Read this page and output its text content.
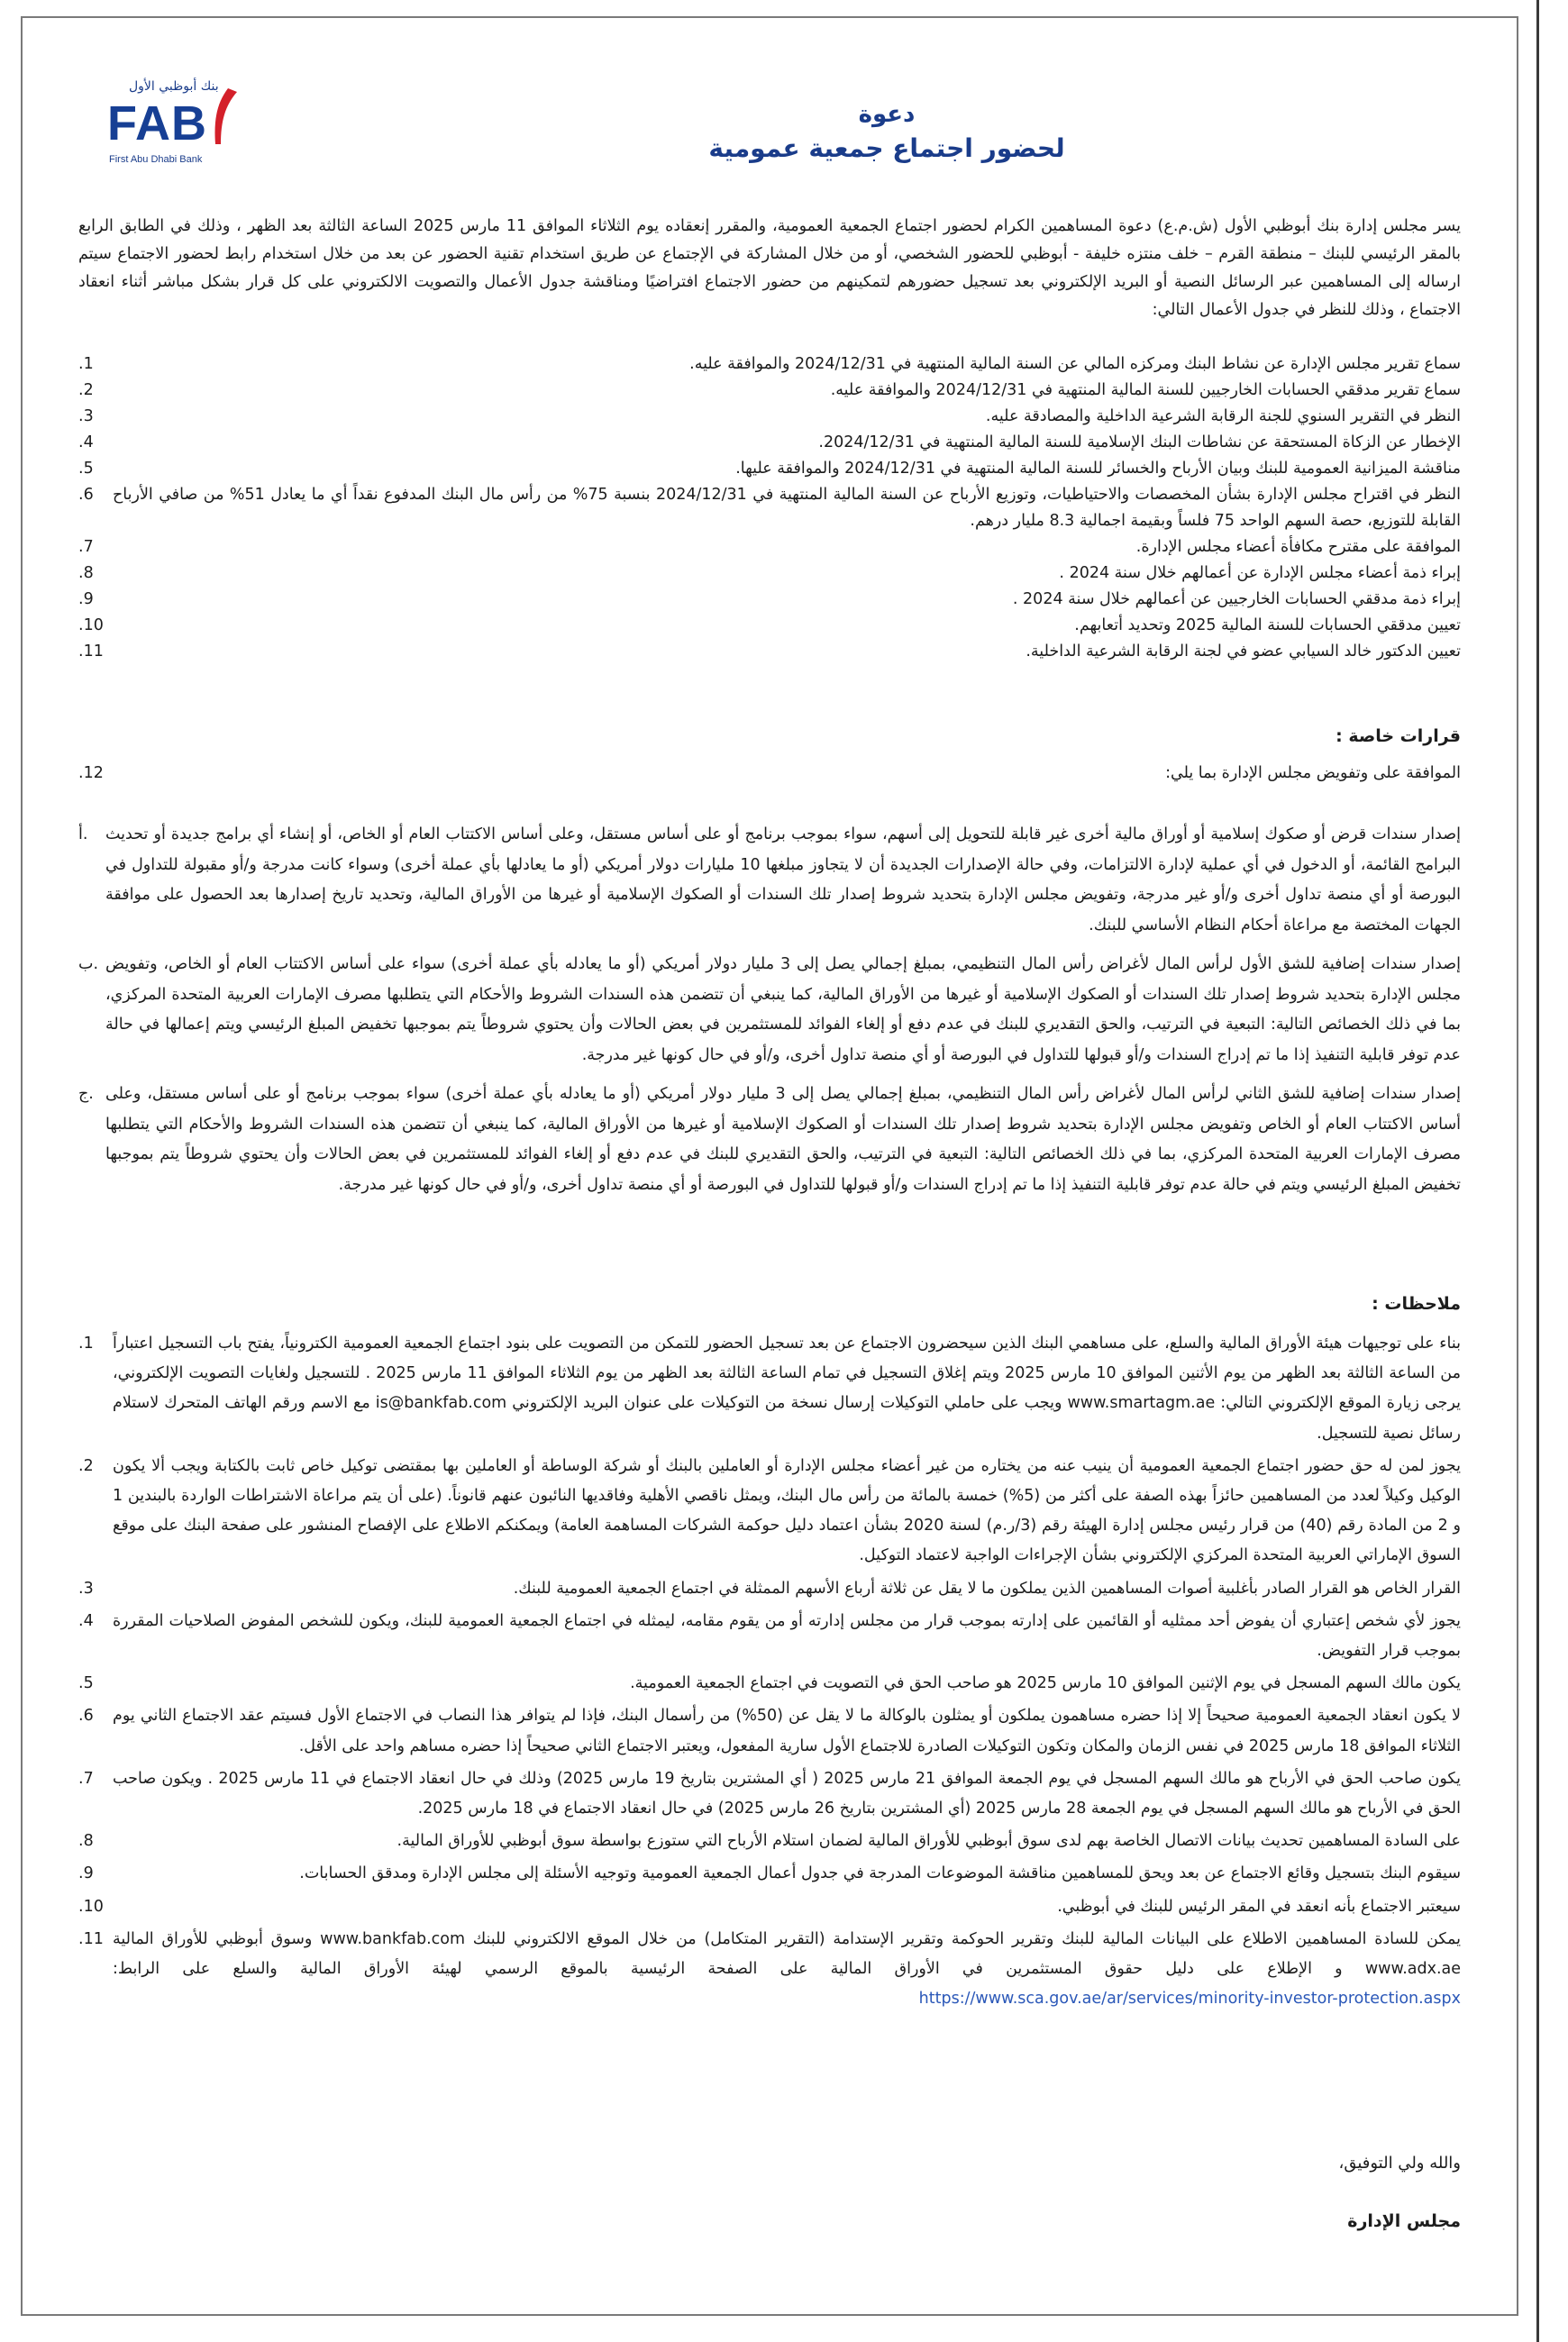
بنك أبوظبي الأول
FAB
First Abu Dhabi Bank
دعوة
لحضور اجتماع جمعية عمومية

يسر مجلس إدارة بنك أبوظبي الأول (ش.م.ع) دعوة المساهمين الكرام لحضور اجتماع الجمعية العمومية، والمقرر إنعقاده يوم الثلاثاء الموافق 11 مارس 2025 الساعة الثالثة بعد الظهر ، وذلك في الطابق الرابع بالمقر الرئيسي للبنك – منطقة القرم – خلف منتزه خليفة - أبوظبي للحضور الشخصي، أو من خلال المشاركة في الإجتماع عن طريق استخدام تقنية الحضور عن بعد من خلال استخدام رابط لحضور الاجتماع سيتم ارساله إلى المساهمين عبر الرسائل النصية أو البريد الإلكتروني بعد تسجيل حضورهم لتمكينهم من حضور الاجتماع افتراضيًا ومناقشة جدول الأعمال والتصويت الالكتروني على كل قرار بشكل مباشر أثناء انعقاد الاجتماع ، وذلك للنظر في جدول الأعمال التالي:

سماع تقرير مجلس الإدارة عن نشاط البنك ومركزه المالي عن السنة المالية المنتهية في 2024/12/31 والموافقة عليه.
.1
سماع تقرير مدققي الحسابات الخارجيين للسنة المالية المنتهية في 2024/12/31 والموافقة عليه.
.2
النظر في التقرير السنوي للجنة الرقابة الشرعية الداخلية والمصادقة عليه.
.3
الإخطار عن الزكاة المستحقة عن نشاطات البنك الإسلامية للسنة المالية المنتهية في 2024/12/31.
.4
مناقشة الميزانية العمومية للبنك وبيان الأرباح والخسائر للسنة المالية المنتهية في 2024/12/31 والموافقة عليها.
.5
النظر في اقتراح مجلس الإدارة بشأن المخصصات والاحتياطيات، وتوزيع الأرباح عن السنة المالية المنتهية في 2024/12/31 بنسبة 75% من رأس مال البنك المدفوع نقداً أي ما يعادل 51% من صافي الأرباح القابلة للتوزيع، حصة السهم الواحد 75 فلساً وبقيمة اجمالية 8.3 مليار درهم.
.6
الموافقة على مقترح مكافأة أعضاء مجلس الإدارة.
.7
إبراء ذمة أعضاء مجلس الإدارة عن أعمالهم خلال سنة 2024 .
.8
إبراء ذمة مدققي الحسابات الخارجيين عن أعمالهم خلال سنة 2024 .
.9
تعيين مدققي الحسابات للسنة المالية 2025 وتحديد أتعابهم.
.10
تعيين الدكتور خالد السيابي عضو في لجنة الرقابة الشرعية الداخلية.
.11
قرارات خاصة :
الموافقة على وتفويض مجلس الإدارة بما يلي:
.12
إصدار سندات قرض أو صكوك إسلامية أو أوراق مالية أخرى غير قابلة للتحويل إلى أسهم، سواء بموجب برنامج أو على أساس مستقل، وعلى أساس الاكتتاب العام أو الخاص، أو إنشاء أي برامج جديدة أو تحديث البرامج القائمة، أو الدخول في أي عملية لإدارة الالتزامات، وفي حالة الإصدارات الجديدة أن لا يتجاوز مبلغها 10 مليارات دولار أمريكي (أو ما يعادلها بأي عملة أخرى) وسواء كانت مدرجة و/أو مقبولة للتداول في البورصة أو أي منصة تداول أخرى و/أو غير مدرجة، وتفويض مجلس الإدارة بتحديد شروط إصدار تلك السندات أو الصكوك الإسلامية أو غيرها من الأوراق المالية، وتحديد تاريخ إصدارها بعد الحصول على موافقة الجهات المختصة مع مراعاة أحكام النظام الأساسي للبنك.
أ.
إصدار سندات إضافية للشق الأول لرأس المال لأغراض رأس المال التنظيمي، بمبلغ إجمالي يصل إلى 3 مليار دولار أمريكي (أو ما يعادله بأي عملة أخرى) سواء على أساس الاكتتاب العام أو الخاص، وتفويض مجلس الإدارة بتحديد شروط إصدار تلك السندات أو الصكوك الإسلامية أو غيرها من الأوراق المالية، كما ينبغي أن تتضمن هذه السندات الشروط والأحكام التي يتطلبها مصرف الإمارات العربية المتحدة المركزي، بما في ذلك الخصائص التالية: التبعية في الترتيب، والحق التقديري للبنك في عدم دفع أو إلغاء الفوائد للمستثمرين في بعض الحالات وأن يحتوي شروطاً يتم بموجبها تخفيض المبلغ الرئيسي ويتم إعمالها في حالة عدم توفر قابلية التنفيذ إذا ما تم إدراج السندات و/أو قبولها للتداول في البورصة أو أي منصة تداول أخرى، و/أو في حال كونها غير مدرجة.
ب.
إصدار سندات إضافية للشق الثاني لرأس المال لأغراض رأس المال التنظيمي، بمبلغ إجمالي يصل إلى 3 مليار دولار أمريكي (أو ما يعادله بأي عملة أخرى) سواء بموجب برنامج أو على أساس مستقل، وعلى أساس الاكتتاب العام أو الخاص وتفويض مجلس الإدارة بتحديد شروط إصدار تلك السندات أو الصكوك الإسلامية أو غيرها من الأوراق المالية، كما ينبغي أن تتضمن هذه السندات الشروط والأحكام التي يتطلبها مصرف الإمارات العربية المتحدة المركزي، بما في ذلك الخصائص التالية: التبعية في الترتيب، والحق التقديري للبنك في عدم دفع أو إلغاء الفوائد للمستثمرين في بعض الحالات وأن يحتوي شروطاً يتم بموجبها تخفيض المبلغ الرئيسي ويتم في حالة عدم توفر قابلية التنفيذ إذا ما تم إدراج السندات و/أو قبولها للتداول في البورصة أو أي منصة تداول أخرى، و/أو في حال كونها غير مدرجة.
ج.
ملاحظات :
بناء على توجيهات هيئة الأوراق المالية والسلع، على مساهمي البنك الذين سيحضرون الاجتماع عن بعد تسجيل الحضور للتمكن من التصويت على بنود اجتماع الجمعية العمومية الكترونياً، يفتح باب التسجيل اعتباراً من الساعة الثالثة بعد الظهر من يوم الأثنين الموافق 10 مارس 2025 ويتم إغلاق التسجيل في تمام الساعة الثالثة بعد الظهر من يوم الثلاثاء الموافق 11 مارس 2025 . للتسجيل ولغايات التصويت الإلكتروني، يرجى زيارة الموقع الإلكتروني التالي: www.smartagm.ae ويجب على حاملي التوكيلات إرسال نسخة من التوكيلات على عنوان البريد الإلكتروني is@bankfab.com مع الاسم ورقم الهاتف المتحرك لاستلام رسائل نصية للتسجيل.
.1
يجوز لمن له حق حضور اجتماع الجمعية العمومية أن ينيب عنه من يختاره من غير أعضاء مجلس الإدارة أو العاملين بالبنك أو شركة الوساطة أو العاملين بها بمقتضى توكيل خاص ثابت بالكتابة ويجب ألا يكون الوكيل وكيلاً لعدد من المساهمين حائزاً بهذه الصفة على أكثر من (5%) خمسة بالمائة من رأس مال البنك، ويمثل ناقصي الأهلية وفاقديها النائبون عنهم قانوناً. (على أن يتم مراعاة الاشتراطات الواردة بالبندين 1 و 2 من المادة رقم (40) من قرار رئيس مجلس إدارة الهيئة رقم (3/ر.م) لسنة 2020 بشأن اعتماد دليل حوكمة الشركات المساهمة العامة) ويمكنكم الاطلاع على الإفصاح المنشور على صفحة البنك على موقع السوق الإماراتي العربية المتحدة المركزي الإلكتروني بشأن الإجراءات الواجبة لاعتماد التوكيل.
.2
القرار الخاص هو القرار الصادر بأغلبية أصوات المساهمين الذين يملكون ما لا يقل عن ثلاثة أرباع الأسهم الممثلة في اجتماع الجمعية العمومية للبنك.
.3
يجوز لأي شخص إعتباري أن يفوض أحد ممثليه أو القائمين على إدارته بموجب قرار من مجلس إدارته أو من يقوم مقامه، ليمثله في اجتماع الجمعية العمومية للبنك، ويكون للشخص المفوض الصلاحيات المقررة بموجب قرار التفويض.
.4
يكون مالك السهم المسجل في يوم الإثنين الموافق 10 مارس 2025 هو صاحب الحق في التصويت في اجتماع الجمعية العمومية.
.5
لا يكون انعقاد الجمعية العمومية صحيحاً إلا إذا حضره مساهمون يملكون أو يمثلون بالوكالة ما لا يقل عن (50%) من رأسمال البنك، فإذا لم يتوافر هذا النصاب في الاجتماع الأول فسيتم عقد الاجتماع الثاني يوم الثلاثاء الموافق 18 مارس 2025 في نفس الزمان والمكان وتكون التوكيلات الصادرة للاجتماع الأول سارية المفعول، ويعتبر الاجتماع الثاني صحيحاً إذا حضره مساهم واحد على الأقل.
.6
يكون صاحب الحق في الأرباح هو مالك السهم المسجل في يوم الجمعة الموافق 21 مارس 2025 ( أي المشترين بتاريخ 19 مارس 2025) وذلك في حال انعقاد الاجتماع في 11 مارس 2025 . ويكون صاحب الحق في الأرباح هو مالك السهم المسجل في يوم الجمعة 28 مارس 2025 (أي المشترين بتاريخ 26 مارس 2025) في حال انعقاد الاجتماع في 18 مارس 2025.
.7
على السادة المساهمين تحديث بيانات الاتصال الخاصة بهم لدى سوق أبوظبي للأوراق المالية لضمان استلام الأرباح التي ستوزع بواسطة سوق أبوظبي للأوراق المالية.
.8
سيقوم البنك بتسجيل وقائع الاجتماع عن بعد ويحق للمساهمين مناقشة الموضوعات المدرجة في جدول أعمال الجمعية العمومية وتوجيه الأسئلة إلى مجلس الإدارة ومدقق الحسابات.
.9
سيعتبر الاجتماع بأنه انعقد في المقر الرئيس للبنك في أبوظبي.
.10
يمكن للسادة المساهمين الاطلاع على البيانات المالية للبنك وتقرير الحوكمة وتقرير الإستدامة (التقرير المتكامل) من خلال الموقع الالكتروني للبنك www.bankfab.com وسوق أبوظبي للأوراق المالية www.adx.ae و الإطلاع على دليل حقوق المستثمرين في الأوراق المالية على الصفحة الرئيسية بالموقع الرسمي لهيئة الأوراق المالية والسلع على الرابط: https://www.sca.gov.ae/ar/services/minority-investor-protection.aspx
.11
والله ولي التوفيق،
مجلس الإدارة
